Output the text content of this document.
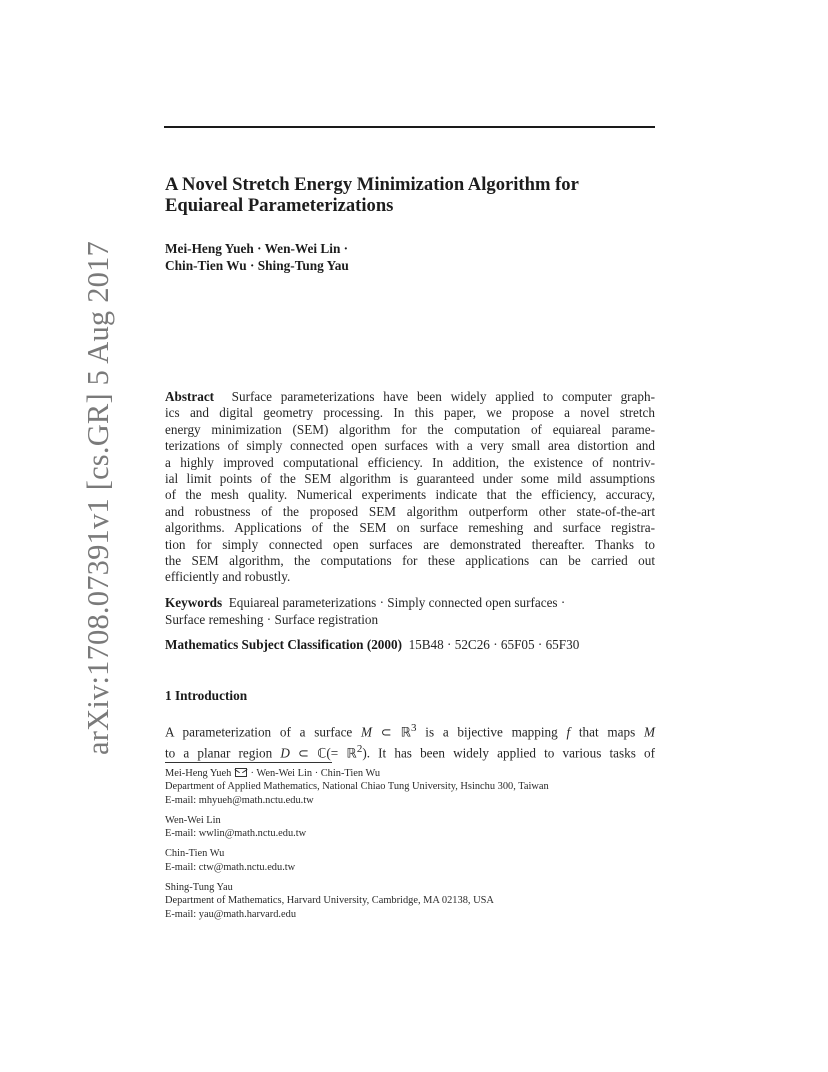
arXiv:1708.07391v1 [cs.GR] 5 Aug 2017
A Novel Stretch Energy Minimization Algorithm for
Equiareal Parameterizations
Mei-Heng Yueh · Wen-Wei Lin ·
Chin-Tien Wu · Shing-Tung Yau
Abstract Surface parameterizations have been widely applied to computer graph-
ics and digital geometry processing. In this paper, we propose a novel stretch
energy minimization (SEM) algorithm for the computation of equiareal parame-
terizations of simply connected open surfaces with a very small area distortion and
a highly improved computational efficiency. In addition, the existence of nontriv-
ial limit points of the SEM algorithm is guaranteed under some mild assumptions
of the mesh quality. Numerical experiments indicate that the efficiency, accuracy,
and robustness of the proposed SEM algorithm outperform other state-of-the-art
algorithms. Applications of the SEM on surface remeshing and surface registra-
tion for simply connected open surfaces are demonstrated thereafter. Thanks to
the SEM algorithm, the computations for these applications can be carried out
efficiently and robustly.
Keywords Equiareal parameterizations · Simply connected open surfaces ·
Surface remeshing · Surface registration
Mathematics Subject Classification (2000) 15B48 · 52C26 · 65F05 · 65F30
1 Introduction
A parameterization of a surface M ⊂ ℝ$^3$ is a bijective mapping f that maps M
to a planar region D ⊂ ℂ(= ℝ$^2$). It has been widely applied to various tasks of
Mei-Heng Yueh  · Wen-Wei Lin · Chin-Tien Wu
Department of Applied Mathematics, National Chiao Tung University, Hsinchu 300, Taiwan
E-mail: mhyueh@math.nctu.edu.tw
Wen-Wei Lin
E-mail: wwlin@math.nctu.edu.tw
Chin-Tien Wu
E-mail: ctw@math.nctu.edu.tw
Shing-Tung Yau
Department of Mathematics, Harvard University, Cambridge, MA 02138, USA
E-mail: yau@math.harvard.edu
